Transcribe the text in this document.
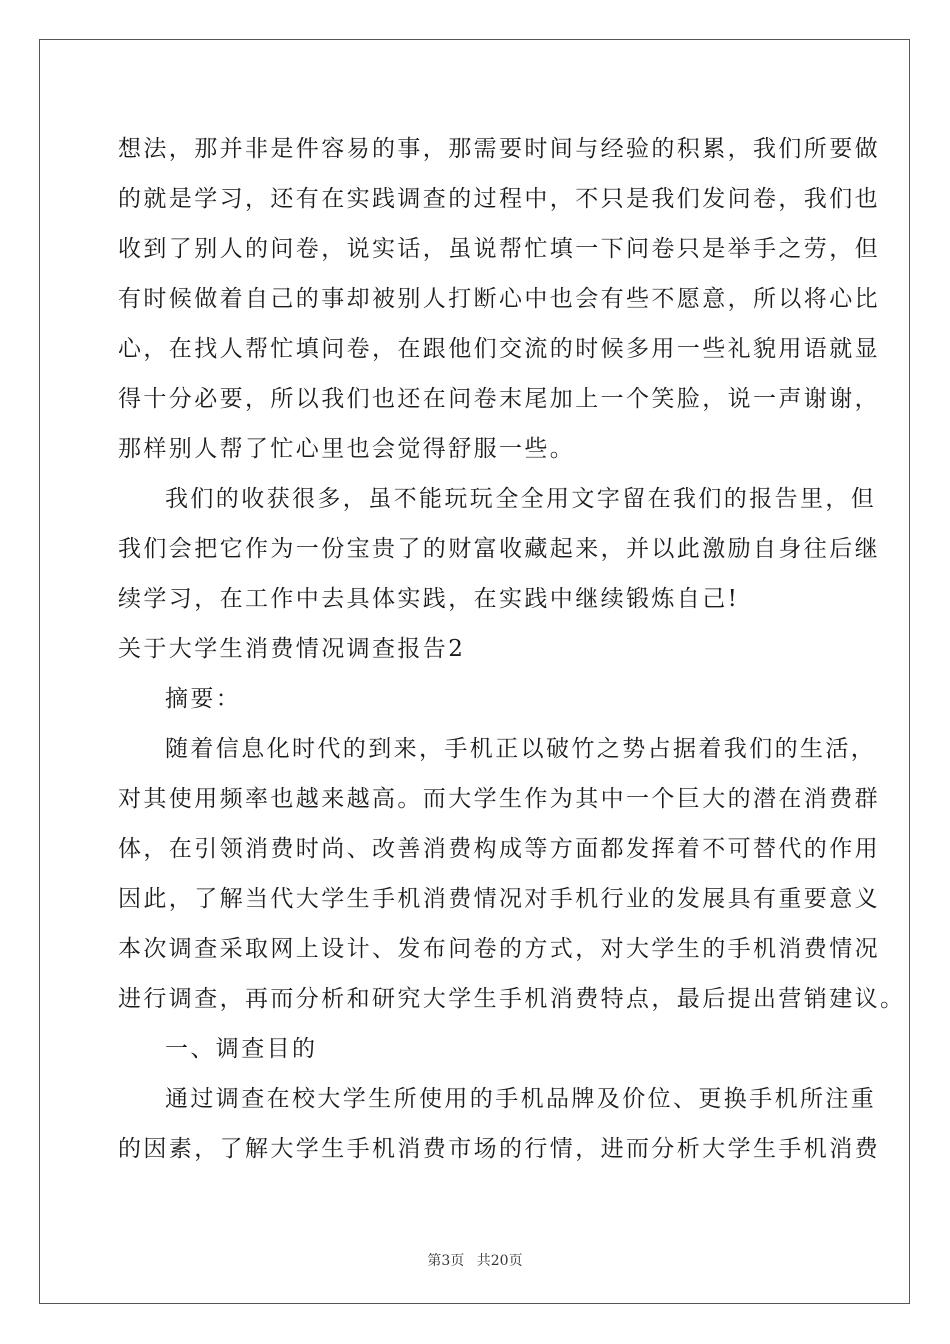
想法，那并非是件容易的事，那需要时间与经验的积累，我们所要做
的就是学习，还有在实践调查的过程中，不只是我们发问卷，我们也
收到了别人的问卷，说实话，虽说帮忙填一下问卷只是举手之劳，但
有时候做着自己的事却被别人打断心中也会有些不愿意，所以将心比
心，在找人帮忙填问卷，在跟他们交流的时候多用一些礼貌用语就显
得十分必要，所以我们也还在问卷末尾加上一个笑脸，说一声谢谢，
那样别人帮了忙心里也会觉得舒服一些。
我们的收获很多，虽不能玩玩全全用文字留在我们的报告里，但
我们会把它作为一份宝贵了的财富收藏起来，并以此激励自身往后继
续学习，在工作中去具体实践，在实践中继续锻炼自己!
关于大学生消费情况调查报告2
摘要：
随着信息化时代的到来，手机正以破竹之势占据着我们的生活，
对其使用频率也越来越高。而大学生作为其中一个巨大的潜在消费群
体，在引领消费时尚、改善消费构成等方面都发挥着不可替代的作用
因此，了解当代大学生手机消费情况对手机行业的发展具有重要意义
本次调查采取网上设计、发布问卷的方式，对大学生的手机消费情况
进行调查，再而分析和研究大学生手机消费特点，最后提出营销建议。
一、调查目的
通过调查在校大学生所使用的手机品牌及价位、更换手机所注重
的因素，了解大学生手机消费市场的行情，进而分析大学生手机消费
第3页 共20页
